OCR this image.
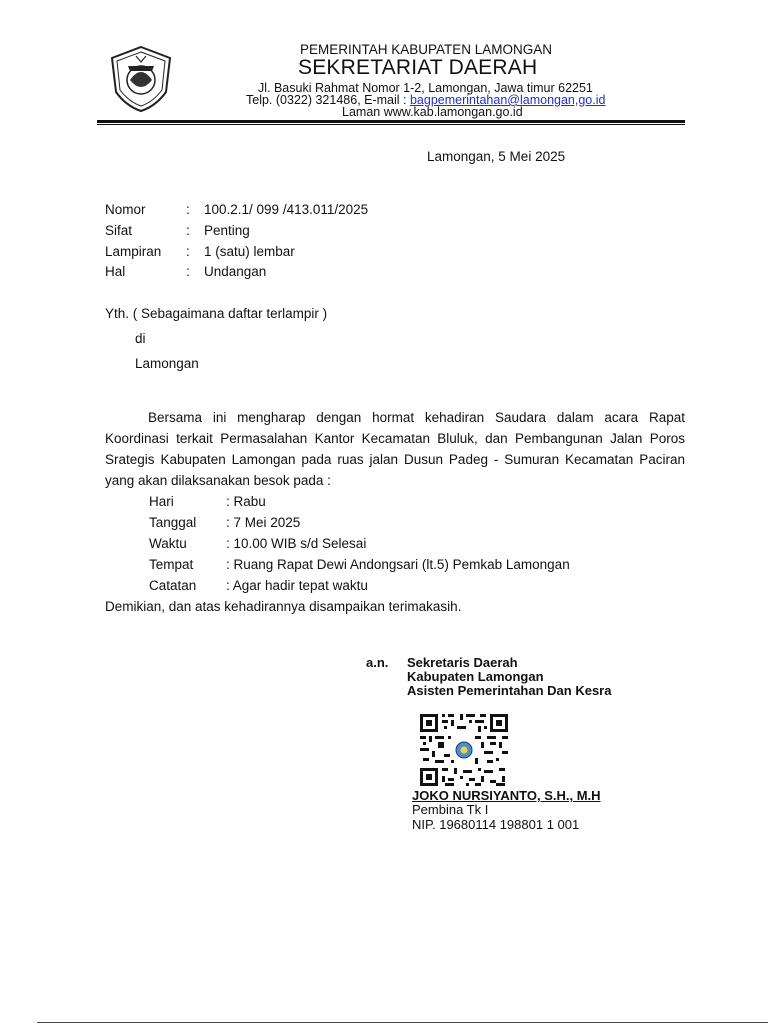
PEMERINTAH KABUPATEN LAMONGAN
SEKRETARIAT DAERAH
Jl. Basuki Rahmat Nomor 1-2, Lamongan, Jawa timur 62251
Telp. (0322) 321486, E-mail : bagpemerintahan@lamongan,go.id
Laman www.kab.lamongan.go.id
Lamongan, 5 Mei 2025
Nomor	: 100.2.1/ 099 /413.011/2025
Sifat	: Penting
Lampiran : 1 (satu) lembar
Hal	: Undangan
Yth. ( Sebagaimana daftar terlampir )
di
Lamongan
Bersama ini mengharap dengan hormat kehadiran Saudara dalam acara Rapat Koordinasi terkait Permasalahan Kantor Kecamatan Bluluk, dan Pembangunan Jalan Poros Srategis Kabupaten Lamongan pada ruas jalan Dusun Padeg - Sumuran Kecamatan Paciran yang akan dilaksanakan besok pada :
Hari	: Rabu
Tanggal : 7 Mei 2025
Waktu	: 10.00 WIB s/d Selesai
Tempat : Ruang Rapat Dewi Andongsari (lt.5) Pemkab Lamongan
Catatan : Agar hadir tepat waktu
Demikian, dan atas kehadirannya disampaikan terimakasih.
a.n. Sekretaris Daerah
Kabupaten Lamongan
Asisten Pemerintahan Dan Kesra
JOKO NURSIYANTO, S.H., M.H
Pembina Tk I
NIP. 19680114 198801 1 001
